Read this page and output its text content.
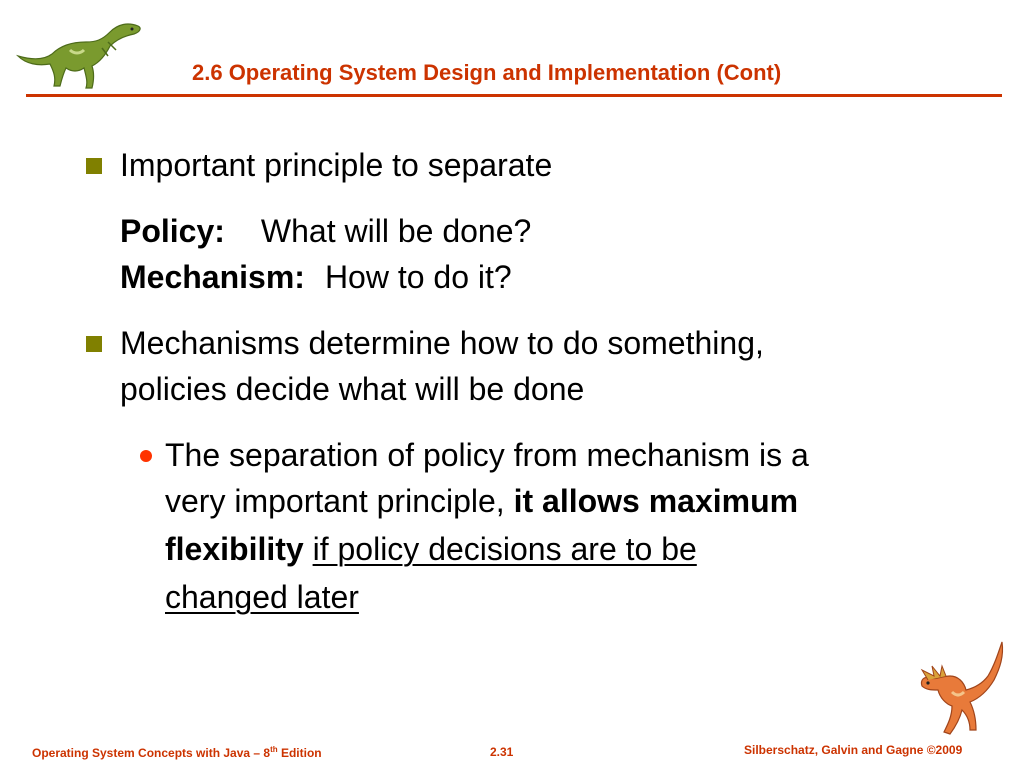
2.6 Operating System Design and Implementation (Cont)
Important principle to separate
Policy: What will be done?
Mechanism: How to do it?
Mechanisms determine how to do something,
policies decide what will be done
The separation of policy from mechanism is a
very important principle, it allows maximum
flexibility if policy decisions are to be
changed later
Operating System Concepts with Java – 8th Edition	2.31	Silberschatz, Galvin and Gagne ©2009
